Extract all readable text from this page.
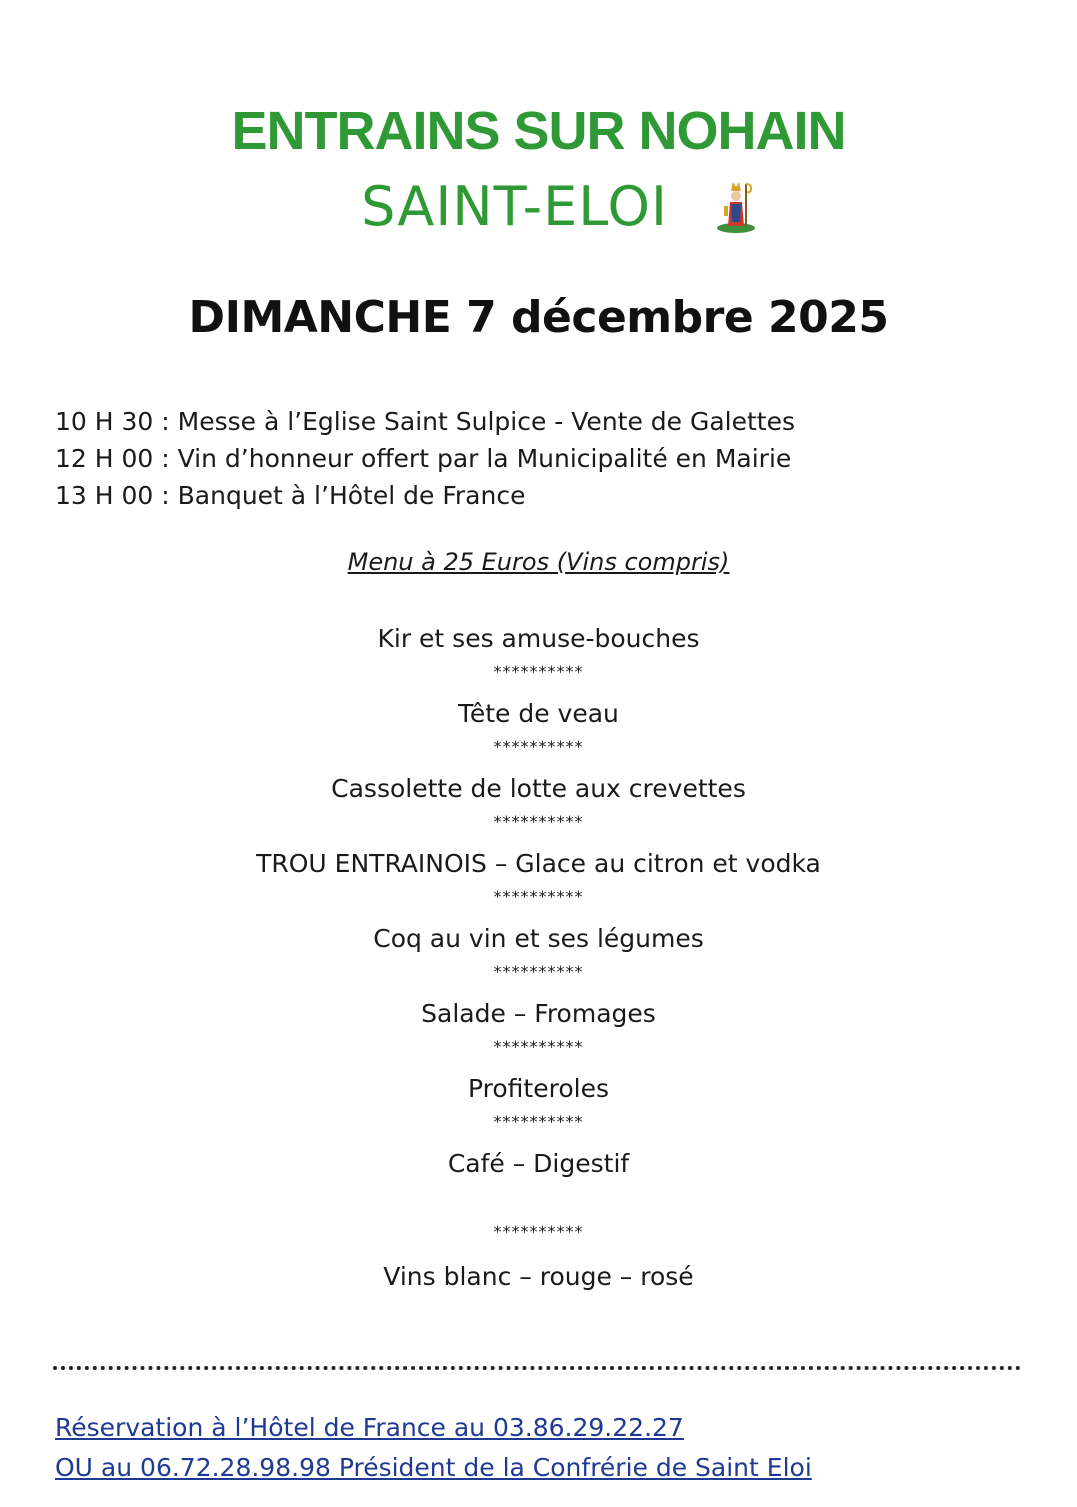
ENTRAINS SUR NOHAIN
SAINT-ELOI
DIMANCHE 7 décembre 2025
10 H 30 : Messe à l’Eglise Saint Sulpice - Vente de Galettes
12 H 00 : Vin d’honneur offert par la Municipalité en Mairie
13 H 00 : Banquet à l’Hôtel de France
Menu à 25 Euros (Vins compris)
Kir et ses amuse-bouches
**********
Tête de veau
**********
Cassolette de lotte aux crevettes
**********
TROU ENTRAINOIS – Glace au citron et vodka
**********
Coq au vin et ses légumes
**********
Salade – Fromages
**********
Profiteroles
**********
Café – Digestif
**********
Vins blanc – rouge – rosé
Réservation à l’Hôtel de France au 03.86.29.22.27
OU au 06.72.28.98.98 Président de la Confrérie de Saint Eloi
